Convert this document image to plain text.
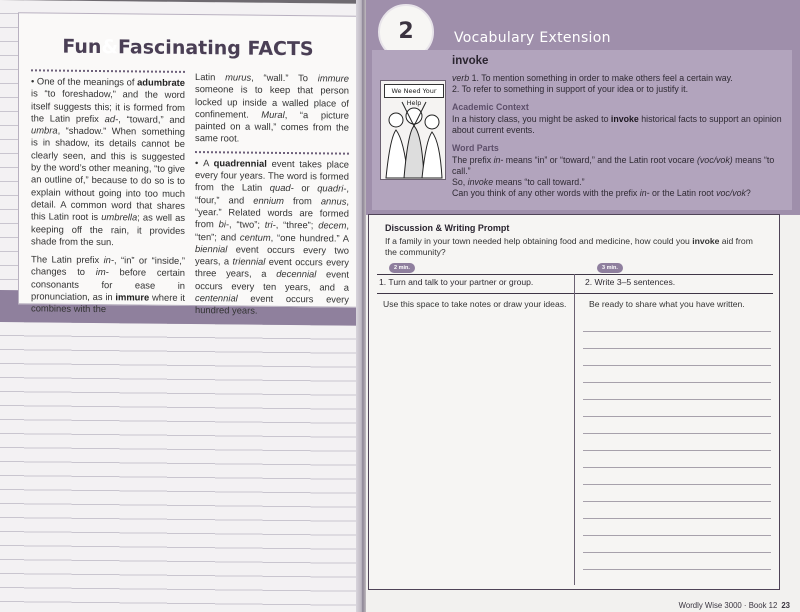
Fun&Fascinating FACTS

• One of the meanings of adumbrate is “to foreshadow,” and the word itself suggests this; it is formed from the Latin prefix ad-, “toward,” and umbra, “shadow.” When something is in shadow, its details cannot be clearly seen, and this is suggested by the word’s other meaning, “to give an outline of,” because to do so is to explain without going into too much detail. A common word that shares this Latin root is umbrella; as well as keeping off the rain, it provides shade from the sun.

The Latin prefix in-, “in” or “inside,” changes to im- before certain consonants for ease in pronunciation, as in immure where it combines with the

Latin murus, “wall.” To immure someone is to keep that person locked up inside a walled place of confinement. Mural, “a picture painted on a wall,” comes from the same root.

• A quadrennial event takes place every four years. The word is formed from the Latin quad- or quadri-, “four,” and ennium from annus, “year.” Related words are formed from bi-, “two”; tri-, “three”; decem, “ten”; and centum, “one hundred.” A biennial event occurs every two years, a triennial event occurs every three years, a decennial event occurs every ten years, and a centennial event occurs every hundred years.

2	Vocabulary Extension
We Need Your Help
invoke
verb 1. To mention something in order to make others feel a certain way.
2. To refer to something in support of your idea or to justify it.
Academic Context
In a history class, you might be asked to invoke historical facts to support an opinion about current events.
Word Parts
The prefix in- means “in” or “toward,” and the Latin root vocare (voc/vok) means “to call.”
So, invoke means “to call toward.”
Can you think of any other words with the prefix in- or the Latin root voc/vok?
Discussion & Writing Prompt
If a family in your town needed help obtaining food and medicine, how could you invoke aid from the community?
2 min.	3 min.
1. Turn and talk to your partner or group.	2. Write 3–5 sentences.
Use this space to take notes or draw your ideas.	Be ready to share what you have written.
Wordly Wise 3000 · Book 12 23
